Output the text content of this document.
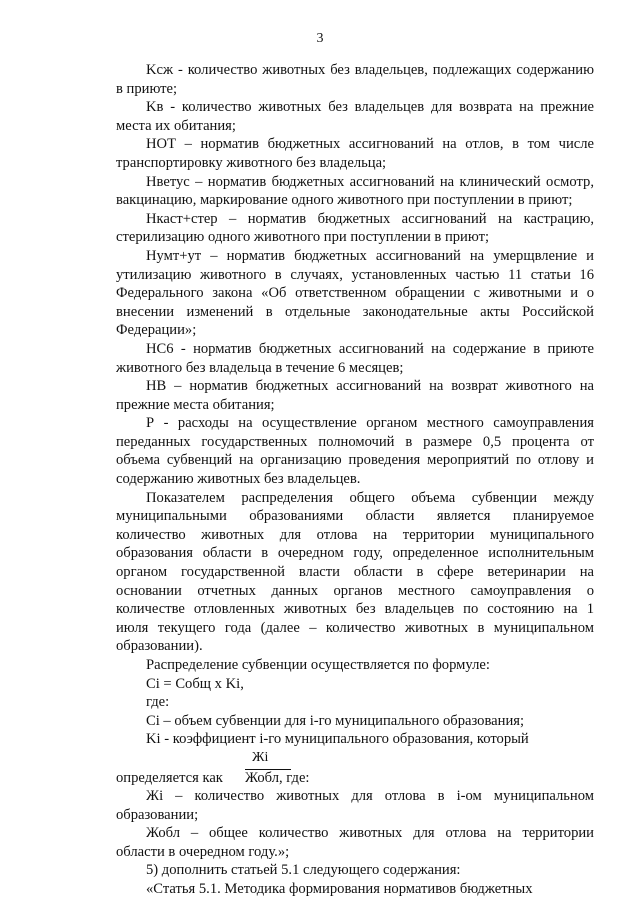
3
Kсж - количество животных без владельцев, подлежащих содержанию
в приюте;
Kв - количество животных без владельцев для возврата на прежние
места их обитания;
НОТ – норматив бюджетных ассигнований на отлов, в том числе
транспортировку животного без владельца;
Нветус – норматив бюджетных ассигнований на клинический осмотр,
вакцинацию, маркирование одного животного при поступлении в приют;
Нкаст+стер – норматив бюджетных ассигнований на кастрацию,
стерилизацию одного животного при поступлении в приют;
Нумт+ут – норматив бюджетных ассигнований на умерщвление и
утилизацию животного в случаях, установленных частью 11 статьи 16
Федерального закона «Об ответственном обращении с животными и о
внесении изменений в отдельные законодательные акты Российской
Федерации»;
НС6 - норматив бюджетных ассигнований на содержание в приюте
животного без владельца в течение 6 месяцев;
НВ – норматив бюджетных ассигнований на возврат животного на
прежние места обитания;
Р - расходы на осуществление органом местного самоуправления
переданных государственных полномочий в размере 0,5 процента от
объема субвенций на организацию проведения мероприятий по отлову и
содержанию животных без владельцев.
Показателем распределения общего объема субвенции между
муниципальными образованиями области является планируемое
количество животных для отлова на территории муниципального
образования области в очередном году, определенное исполнительным
органом государственной власти области в сфере ветеринарии на
основании отчетных данных органов местного самоуправления о
количестве отловленных животных без владельцев по состоянию на 1
июля текущего года (далее – количество животных в муниципальном
образовании).
Распределение субвенции осуществляется по формуле:
Ci = Cобщ x Ki,
где:
Ci – объем субвенции для i-го муниципального образования;
Ki - коэффициент i-го муниципального образования, который
Жi
определяется как Жобл, где:
Жi – количество животных для отлова в i-ом муниципальном
образовании;
Жобл – общее количество животных для отлова на территории
области в очередном году.»;
5) дополнить статьей 5.1 следующего содержания:
«Статья 5.1. Методика формирования нормативов бюджетных
